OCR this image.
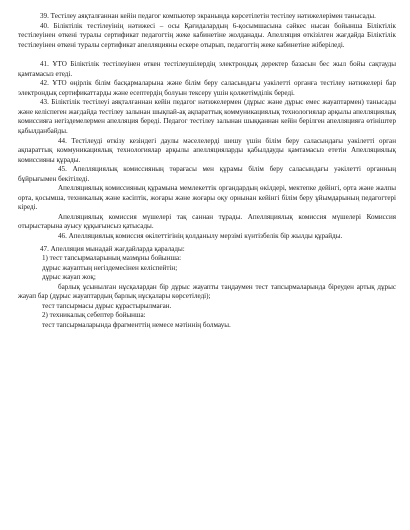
39. Тестілеу аяқталғаннан кейін педагог компьютер экранында көрсетілетін тестілеу нәтижелерімен танысады.

40. Біліктілік тестілеуінің нәтижесі – осы Қағидалардың 6-қосымшасына сәйкес нысан бойынша Біліктілік тестілеуінен өткені туралы сертификат педагогтің жеке кабинетіне жолданады. Апелляция өткізілген жағдайда Біліктілік тестілеуінен өткені туралы сертификат апелляцияны ескере отырып, педагогтің жеке кабинетіне жіберіледі.

41. ҰТО Біліктілік тестілеуінен өткен тестілеушілердің электрондық деректер базасын бес жыл бойы сақтауды қамтамасыз етеді.

42. ҰТО өңірлік білім басқармаларына және білім беру саласындағы уәкілетті органға тестілеу нәтижелері бар электрондық сертификаттарды және есептердің болуын тексеру үшін қолжетімділік береді.

43. Біліктілік тестілеуі аяқталғаннан кейін педагог нәтижелермен (дұрыс және дұрыс емес жауаптармен) танысады және келіспеген жағдайда тестілеу залынан шықпай-ақ ақпараттық коммуникациялық технологиялар арқылы апелляциялық комиссияға негіздемелермен апелляция береді. Педагог тестілеу залынан шыққаннан кейін берілген апелляцияға өтініштер қабылданбайды.

44. Тестілеуді өткізу кезіндегі даулы мәселелерді шешу үшін білім беру саласындағы уәкілетті орган ақпараттық коммуникациялық технологиялар арқылы апелляцияларды қабылдауды қамтамасыз ететін Апелляциялық комиссияны құрады.

45. Апелляциялық комиссияның төрағасы мен құрамы білім беру саласындағы уәкілетті органның бұйрығымен бекітіледі.

Апелляциялық комиссияның құрамына мемлекеттік органдардың өкілдері, мектепке дейінгі, орта және жалпы орта, қосымша, техникалық және кәсіптік, жоғары және жоғары оқу орнынан кейінгі білім беру ұйымдарының педагогтері кіреді.

Апелляциялық комиссия мүшелері тақ саннан тұрады. Апелляциялық комиссия мүшелері Комиссия отырыстарына ауысу құқығынсыз қатысады.

46. Апелляциялық комиссия өкілеттігінің қолданылу мерзімі күнтізбелік бір жылды құрайды.

47. Апелляция мынадай жағдайларда қаралады:

1) тест тапсырмаларының мазмұны бойынша:

дұрыс жауаптың негіздемесінен келіспейтін;

дұрыс жауап жоқ;

барлық ұсынылған нұсқалардан бір дұрыс жауапты таңдаумен тест тапсырмаларында біреуден артық дұрыс жауап бар (дұрыс жауаптардың барлық нұсқалары көрсетіледі);

тест тапсырмасы дұрыс құрастырылмаған.

2) техникалық себептер бойынша:

тест тапсырмаларында фрагменттің немесе мәтіннің болмауы.
